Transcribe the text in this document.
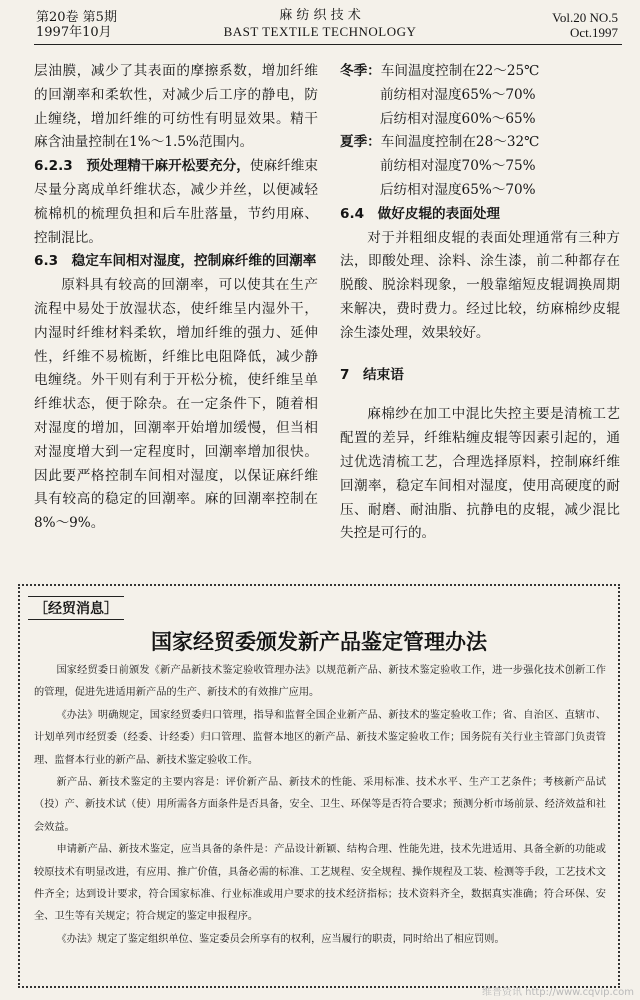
第20卷 第5期
1997年10月
麻 纺 织 技 术
BAST TEXTILE TECHNOLOGY
Vol.20 NO.5
Oct.1997

层油膜，减少了其表面的摩擦系数，增加纤维的回潮率和柔软性，对减少后工序的静电，防止缠绕，增加纤维的可纺性有明显效果。精干麻含油量控制在1%～1.5%范围内。

6.2.3　预处理精干麻开松要充分，使麻纤维束尽量分离成单纤维状态，减少并丝，以便减轻梳棉机的梳理负担和后车肚落量，节约用麻、控制混比。

6.3　稳定车间相对湿度，控制麻纤维的回潮率

原料具有较高的回潮率，可以使其在生产流程中易处于放湿状态，使纤维呈内湿外干，内湿时纤维材料柔软，增加纤维的强力、延伸性，纤维不易梳断，纤维比电阻降低，减少静电缠绕。外干则有利于开松分梳，使纤维呈单纤维状态，便于除杂。在一定条件下，随着相对湿度的增加，回潮率开始增加缓慢，但当相对湿度增大到一定程度时，回潮率增加很快。因此要严格控制车间相对湿度，以保证麻纤维具有较高的稳定的回潮率。麻的回潮率控制在8%～9%。

冬季：车间温度控制在22～25℃

前纺相对湿度65%～70%

后纺相对湿度60%～65%

夏季：车间温度控制在28～32℃

前纺相对湿度70%～75%

后纺相对湿度65%～70%

6.4　做好皮辊的表面处理

对于并粗细皮辊的表面处理通常有三种方法，即酸处理、涂料、涂生漆，前二种都存在脱酸、脱涂料现象，一般靠缩短皮辊调换周期来解决，费时费力。经过比较，纺麻棉纱皮辊涂生漆处理，效果较好。

7　结束语

麻棉纱在加工中混比失控主要是清梳工艺配置的差异，纤维粘缠皮辊等因素引起的，通过优选清梳工艺，合理选择原料，控制麻纤维回潮率，稳定车间相对湿度，使用高硬度的耐压、耐磨、耐油脂、抗静电的皮辊，减少混比失控是可行的。

［经贸消息］
国家经贸委颁发新产品鉴定管理办法

国家经贸委日前颁发《新产品新技术鉴定验收管理办法》以规范新产品、新技术鉴定验收工作，进一步强化技术创新工作的管理，促进先进适用新产品的生产、新技术的有效推广应用。

《办法》明确规定，国家经贸委归口管理，指导和监督全国企业新产品、新技术的鉴定验收工作；省、自治区、直辖市、计划单列市经贸委（经委、计经委）归口管理、监督本地区的新产品、新技术鉴定验收工作；国务院有关行业主管部门负责管理、监督本行业的新产品、新技术鉴定验收工作。

新产品、新技术鉴定的主要内容是：评价新产品、新技术的性能、采用标准、技术水平、生产工艺条件；考核新产品试（投）产、新技术试（使）用所需各方面条件是否具备，安全、卫生、环保等是否符合要求；预测分析市场前景、经济效益和社会效益。

申请新产品、新技术鉴定，应当具备的条件是：产品设计新颖、结构合理、性能先进，技术先进适用、具备全新的功能或较原技术有明显改进，有应用、推广价值，具备必需的标准、工艺规程、安全规程、操作规程及工装、检测等手段，工艺技术文件齐全；达到设计要求，符合国家标准、行业标准或用户要求的技术经济指标；技术资料齐全，数据真实准确；符合环保、安全、卫生等有关规定；符合规定的鉴定申报程序。

《办法》规定了鉴定组织单位、鉴定委员会所享有的权利，应当履行的职责，同时给出了相应罚则。

维普资讯 http://www.cqvip.com
